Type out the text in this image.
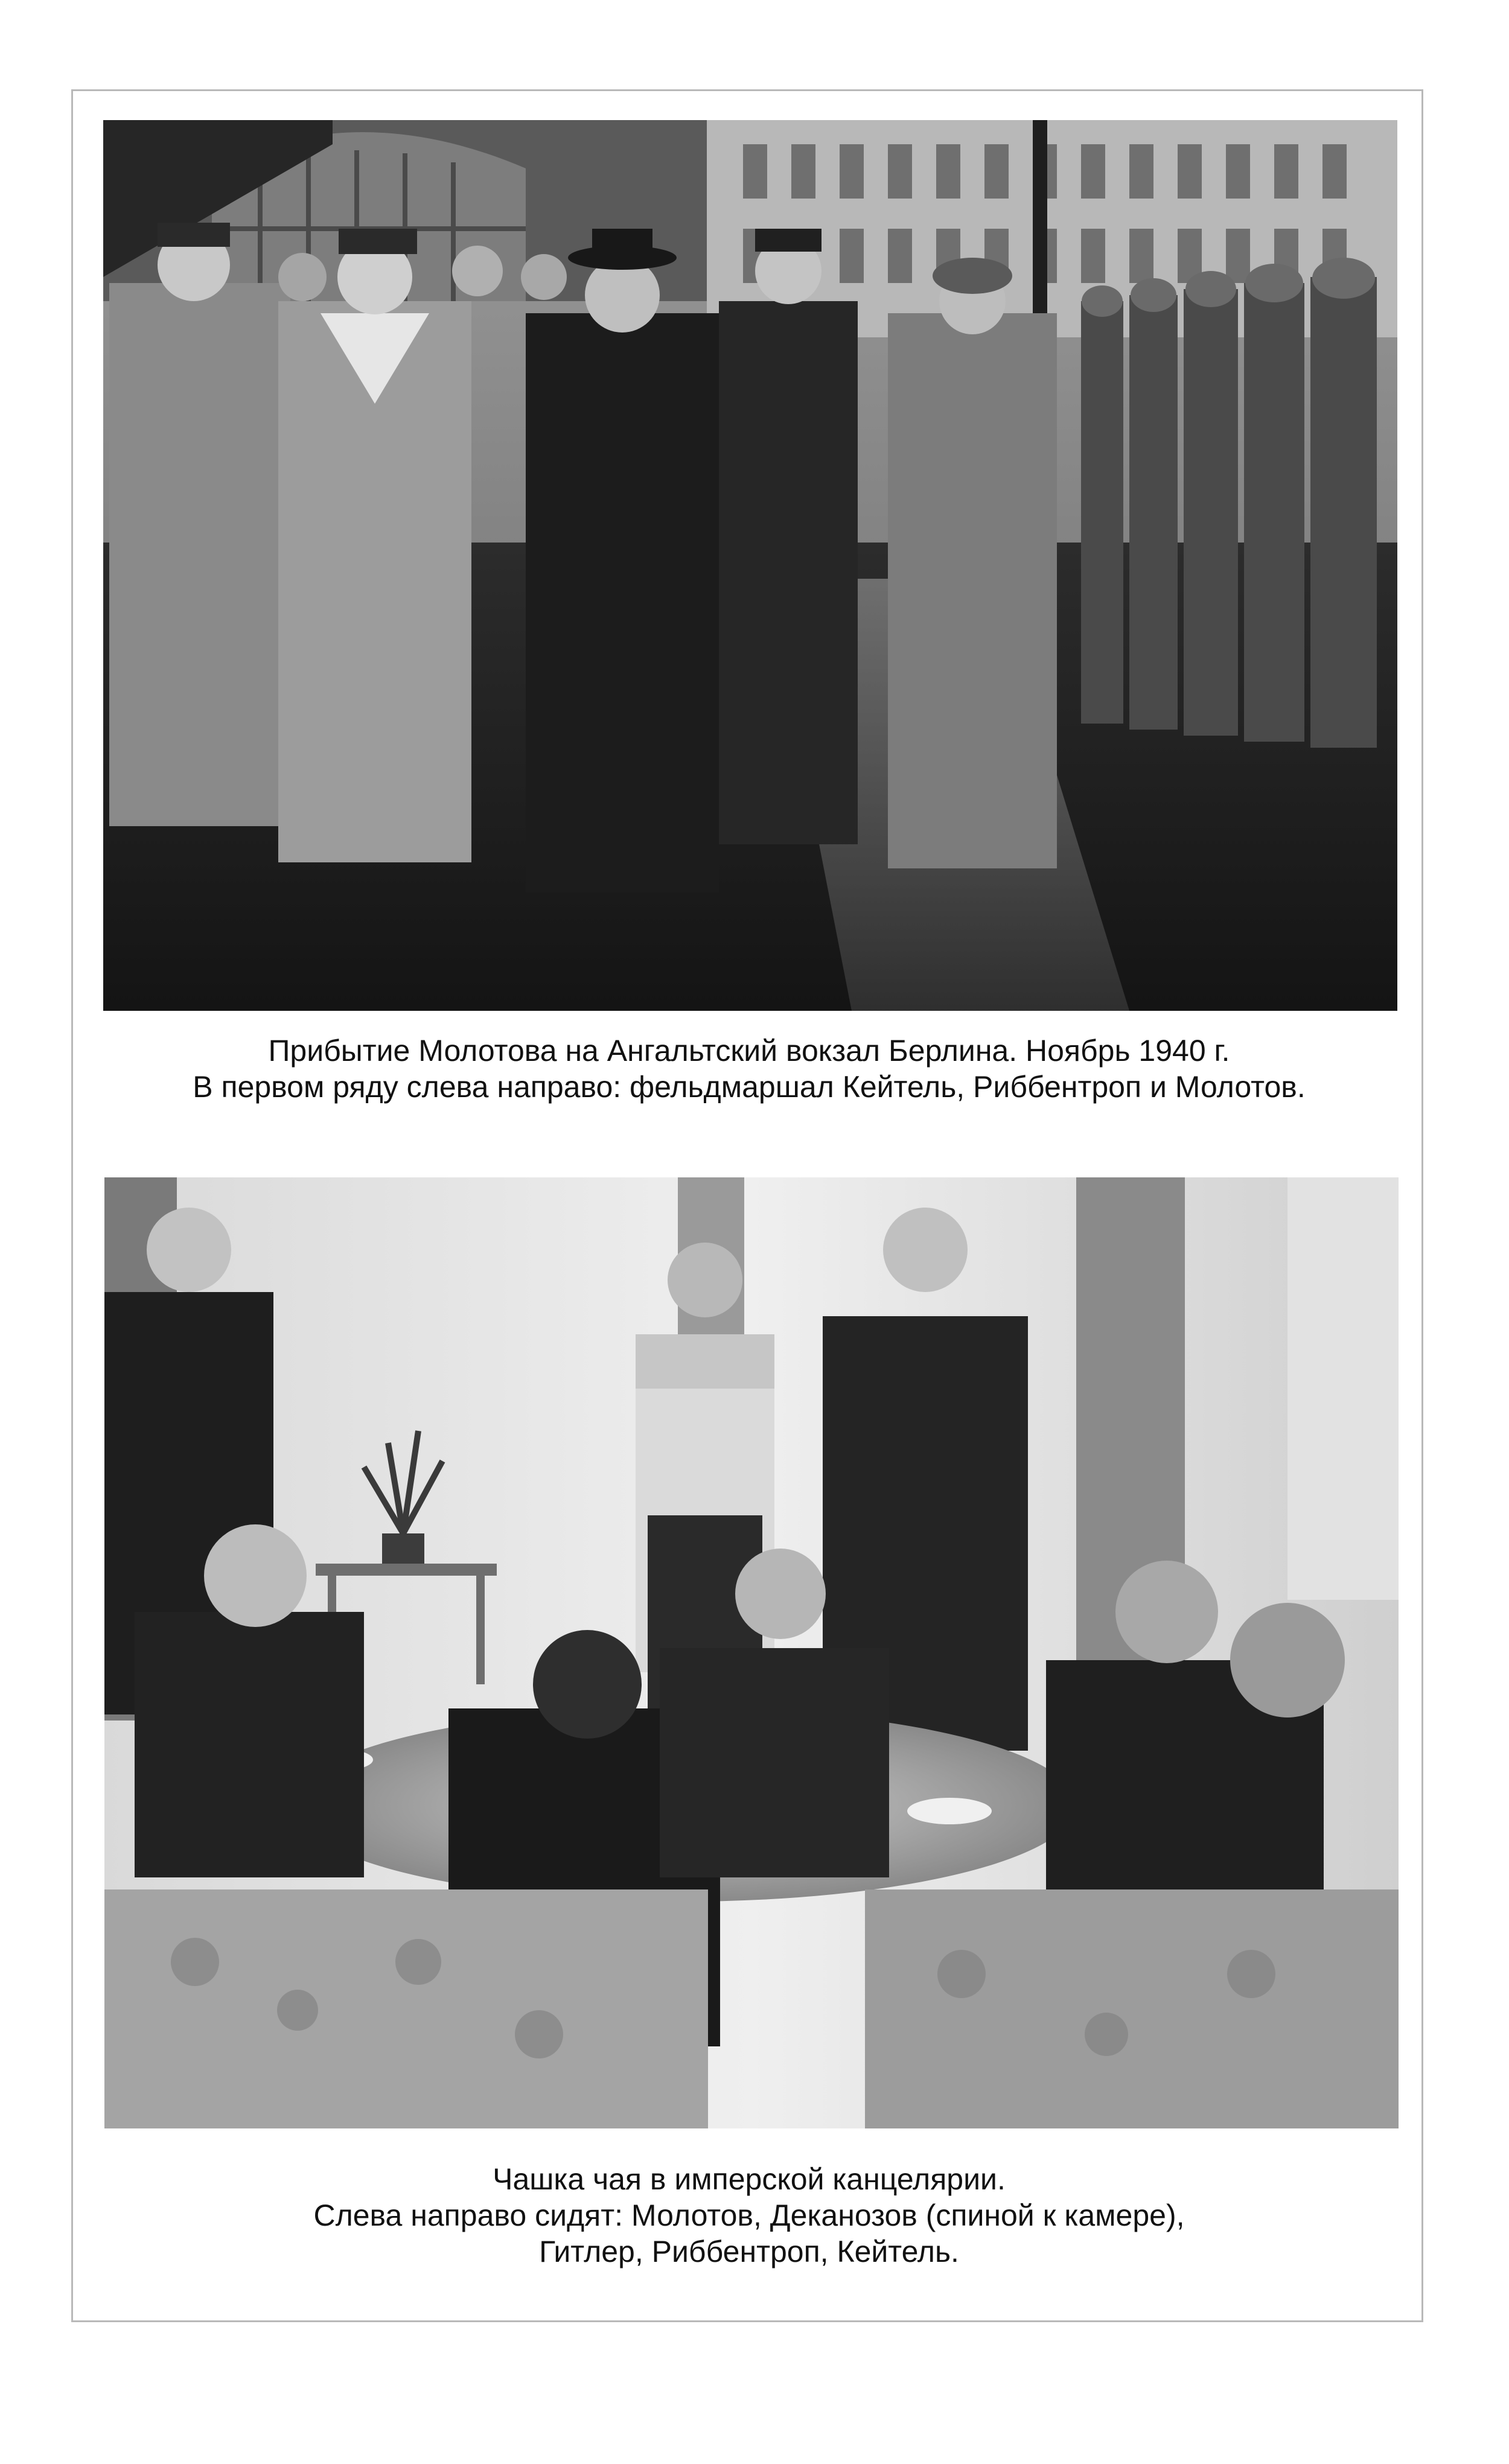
Прибытие Молотова на Ангальтский вокзал Берлина. Ноябрь 1940 г.
В первом ряду слева направо: фельдмаршал Кейтель, Риббентроп и Молотов.
Чашка чая в имперской канцелярии.
Слева направо сидят: Молотов, Деканозов (спиной к камере),
Гитлер, Риббентроп, Кейтель.
